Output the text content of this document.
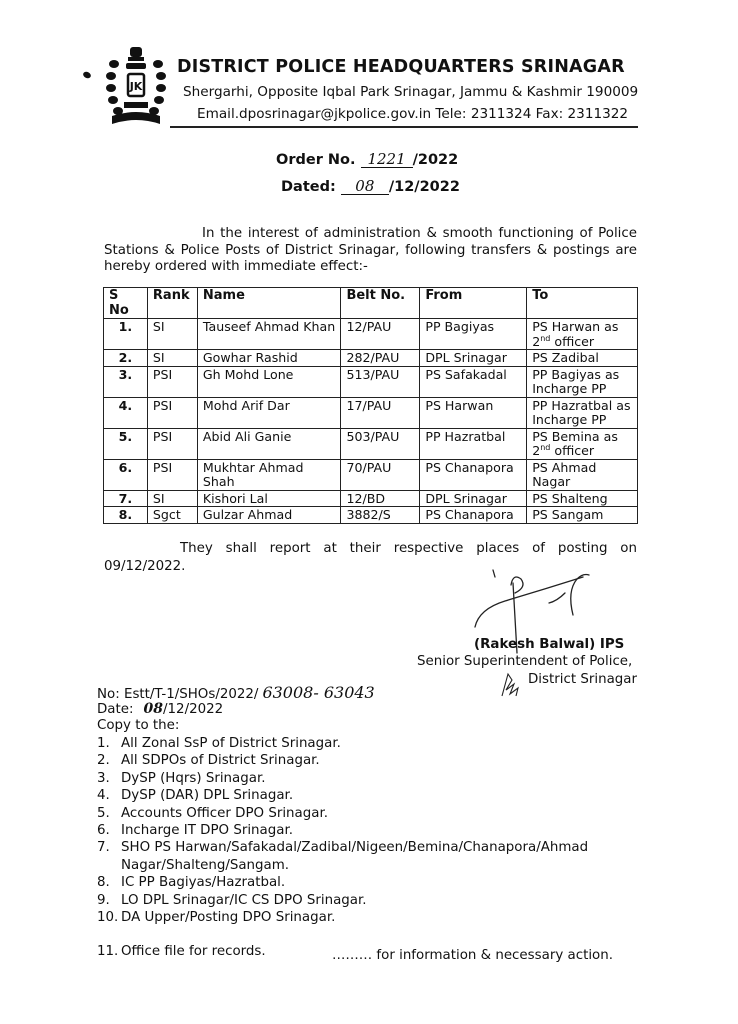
JK
DISTRICT POLICE HEADQUARTERS SRINAGAR
Shergarhi, Opposite Iqbal Park Srinagar, Jammu & Kashmir 190009
Email.dposrinagar@jkpolice.gov.in Tele: 2311324 Fax: 2311322
Order No. 1221 /2022
Dated: 08 /12/2022
In the interest of administration & smooth functioning of Police Stations & Police Posts of District Srinagar, following transfers & postings are hereby ordered with immediate effect:-
S No	Rank	Name	Belt No.	From	To
1.	SI	Tauseef Ahmad Khan	12/PAU	PP Bagiyas	PS Harwan as
2nd officer
2.	SI	Gowhar Rashid	282/PAU	DPL Srinagar	PS Zadibal
3.	PSI	Gh Mohd Lone	513/PAU	PS Safakadal	PP Bagiyas as Incharge PP
4.	PSI	Mohd Arif Dar	17/PAU	PS Harwan	PP Hazratbal as Incharge PP
5.	PSI	Abid Ali Ganie	503/PAU	PP Hazratbal	PS Bemina as
2nd officer
6.	PSI	Mukhtar Ahmad Shah	70/PAU	PS Chanapora	PS Ahmad Nagar
7.	SI	Kishori Lal	12/BD	DPL Srinagar	PS Shalteng
8.	Sgct	Gulzar Ahmad	3882/S	PS Chanapora	PS Sangam
They shall report at their respective places of posting on
09/12/2022.
(Rakesh Balwal) IPS
Senior Superintendent of Police,
District Srinagar
No: Estt/T-1/SHOs/2022/ 63008- 63043
Date: 08/12/2022
Copy to the:
1. All Zonal SsP of District Srinagar.
2. All SDPOs of District Srinagar.
3. DySP (Hqrs) Srinagar.
4. DySP (DAR) DPL Srinagar.
5. Accounts Officer DPO Srinagar.
6. Incharge IT DPO Srinagar.
7. SHO PS Harwan/Safakadal/Zadibal/Nigeen/Bemina/Chanapora/Ahmad Nagar/Shalteng/Sangam.
8. IC PP Bagiyas/Hazratbal.
9. LO DPL Srinagar/IC CS DPO Srinagar.
10. DA Upper/Posting DPO Srinagar.
11. Office file for records.	……… for information & necessary action.
